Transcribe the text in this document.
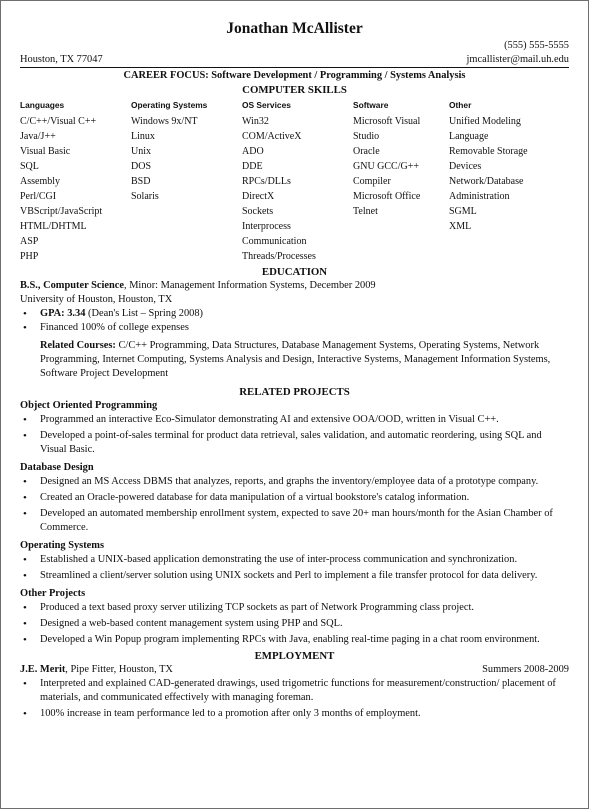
Jonathan McAllister
(555) 555-5555
Houston, TX 77047	jmcallister@mail.uh.edu
CAREER FOCUS: Software Development / Programming / Systems Analysis
COMPUTER SKILLS
Languages
C/C++/Visual C++
Java/J++
Visual Basic
SQL
Assembly
Perl/CGI
VBScript/JavaScript
HTML/DHTML
ASP
PHP
Operating Systems
Windows 9x/NT
Linux
Unix
DOS
BSD
Solaris
OS Services
Win32
COM/ActiveX
ADO
DDE
RPCs/DLLs
DirectX
Sockets
Interprocess
Communication
Threads/Processes
Software
Microsoft Visual
Studio
Oracle
GNU GCC/G++
Compiler
Microsoft Office
Telnet
Other
Unified Modeling
Language
Removable Storage
Devices
Network/Database
Administration
SGML
XML
EDUCATION
B.S., Computer Science, Minor: Management Information Systems, December 2009
University of Houston, Houston, TX
• GPA: 3.34 (Dean's List – Spring 2008)
• Financed 100% of college expenses
Related Courses: C/C++ Programming, Data Structures, Database Management Systems, Operating Systems, Network Programming, Internet Computing, Systems Analysis and Design, Interactive Systems, Management Information Systems, Software Project Development
RELATED PROJECTS
Object Oriented Programming
• Programmed an interactive Eco-Simulator demonstrating AI and extensive OOA/OOD, written in Visual C++.
• Developed a point-of-sales terminal for product data retrieval, sales validation, and automatic reordering, using SQL and Visual Basic.
Database Design
• Designed an MS Access DBMS that analyzes, reports, and graphs the inventory/employee data of a prototype company.
• Created an Oracle-powered database for data manipulation of a virtual bookstore's catalog information.
• Developed an automated membership enrollment system, expected to save 20+ man hours/month for the Asian Chamber of Commerce.
Operating Systems
• Established a UNIX-based application demonstrating the use of inter-process communication and synchronization.
• Streamlined a client/server solution using UNIX sockets and Perl to implement a file transfer protocol for data delivery.
Other Projects
• Produced a text based proxy server utilizing TCP sockets as part of Network Programming class project.
• Designed a web-based content management system using PHP and SQL.
• Developed a Win Popup program implementing RPCs with Java, enabling real-time paging in a chat room environment.
EMPLOYMENT
J.E. Merit, Pipe Fitter, Houston, TX	Summers 2008-2009
• Interpreted and explained CAD-generated drawings, used trigometric functions for measurement/construction/ placement of materials, and communicated effectively with managing foreman.
• 100% increase in team performance led to a promotion after only 3 months of employment.
